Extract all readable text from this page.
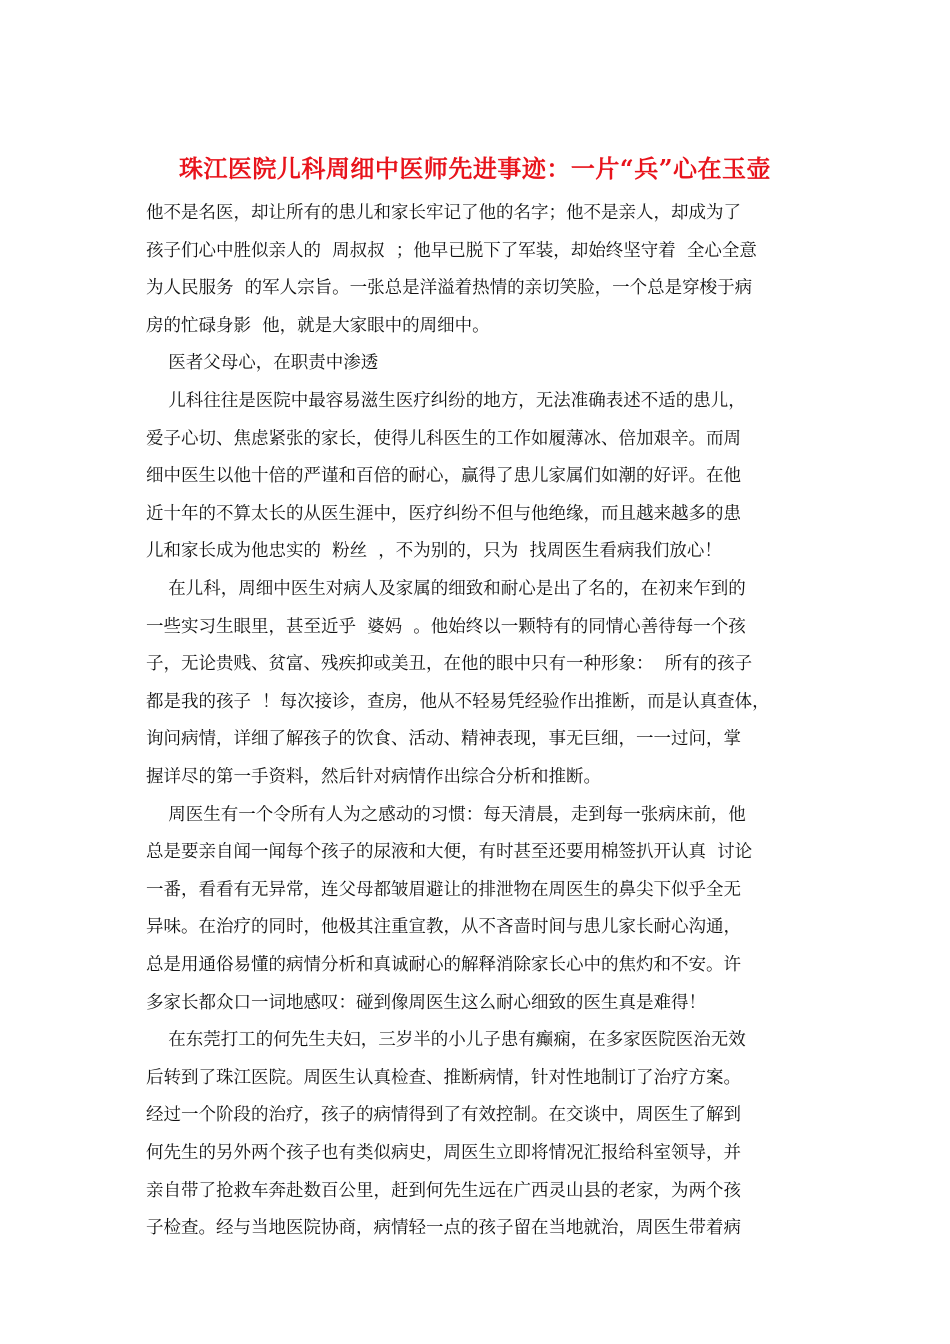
珠江医院儿科周细中医师先进事迹：一片“兵”心在玉壶

他不是名医，却让所有的患儿和家长牢记了他的名字；他不是亲人，却成为了

孩子们心中胜似亲人的  周叔叔  ；他早已脱下了军装，却始终坚守着  全心全意

为人民服务  的军人宗旨。一张总是洋溢着热情的亲切笑脸，一个总是穿梭于病

房的忙碌身影  他，就是大家眼中的周细中。

医者父母心，在职责中渗透

儿科往往是医院中最容易滋生医疗纠纷的地方，无法准确表述不适的患儿，

爱子心切、焦虑紧张的家长，使得儿科医生的工作如履薄冰、倍加艰辛。而周

细中医生以他十倍的严谨和百倍的耐心，赢得了患儿家属们如潮的好评。在他

近十年的不算太长的从医生涯中，医疗纠纷不但与他绝缘，而且越来越多的患

儿和家长成为他忠实的  粉丝  ，不为别的，只为  找周医生看病我们放心！

在儿科，周细中医生对病人及家属的细致和耐心是出了名的，在初来乍到的

一些实习生眼里，甚至近乎  婆妈  。他始终以一颗特有的同情心善待每一个孩

子，无论贵贱、贫富、残疾抑或美丑，在他的眼中只有一种形象：  所有的孩子

都是我的孩子  ！每次接诊，查房，他从不轻易凭经验作出推断，而是认真查体，

询问病情，详细了解孩子的饮食、活动、精神表现，事无巨细，一一过问，掌

握详尽的第一手资料，然后针对病情作出综合分析和推断。

周医生有一个令所有人为之感动的习惯：每天清晨，走到每一张病床前，他

总是要亲自闻一闻每个孩子的尿液和大便，有时甚至还要用棉签扒开认真  讨论

一番，看看有无异常，连父母都皱眉避让的排泄物在周医生的鼻尖下似乎全无

异味。在治疗的同时，他极其注重宣教，从不吝啬时间与患儿家长耐心沟通，

总是用通俗易懂的病情分析和真诚耐心的解释消除家长心中的焦灼和不安。许

多家长都众口一词地感叹：碰到像周医生这么耐心细致的医生真是难得！

在东莞打工的何先生夫妇，三岁半的小儿子患有癫痫，在多家医院医治无效

后转到了珠江医院。周医生认真检查、推断病情，针对性地制订了治疗方案。

经过一个阶段的治疗，孩子的病情得到了有效控制。在交谈中，周医生了解到

何先生的另外两个孩子也有类似病史，周医生立即将情况汇报给科室领导，并

亲自带了抢救车奔赴数百公里，赶到何先生远在广西灵山县的老家，为两个孩

子检查。经与当地医院协商，病情轻一点的孩子留在当地就治，周医生带着病
